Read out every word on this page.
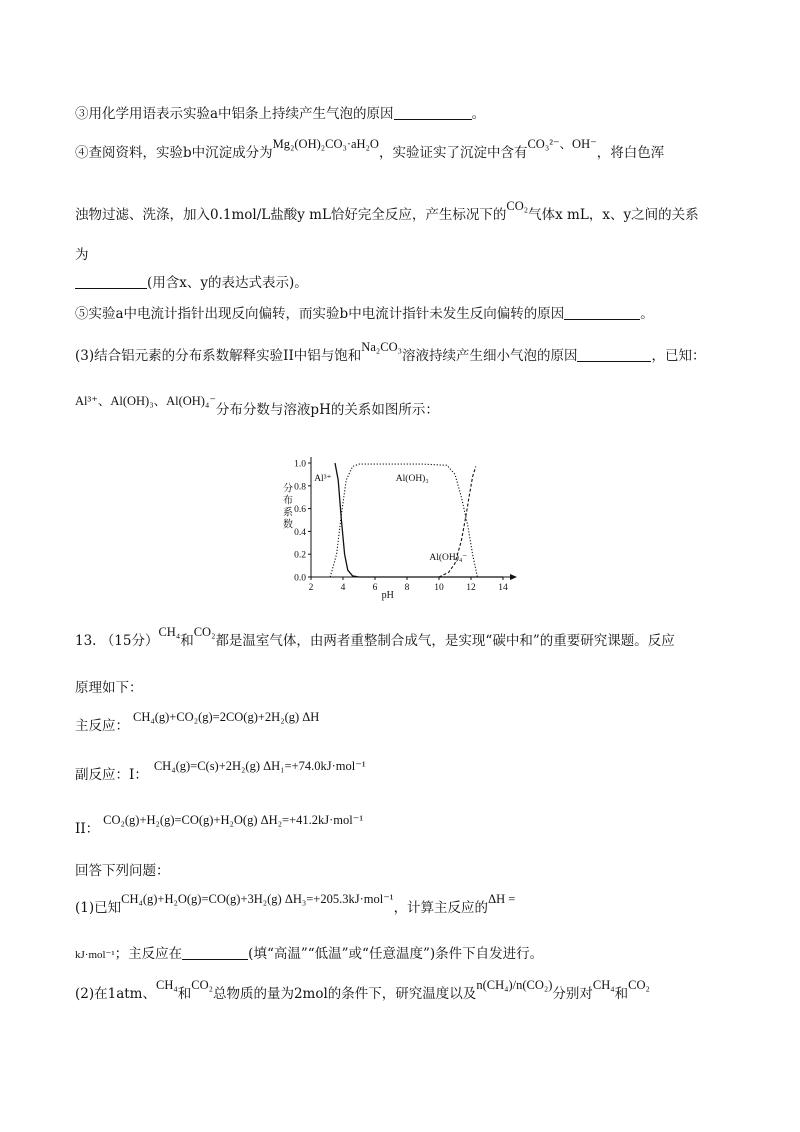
③用化学用语表示实验a中铝条上持续产生气泡的原因	。
④查阅资料，实验b中沉淀成分为Mg₂(OH)₂CO₃·aH₂O，实验证实了沉淀中含有CO₃²⁻、OH⁻，将白色浑
浊物过滤、洗涤，加入0.1mol/L盐酸y mL恰好完全反应，产生标况下的CO₂气体x mL，x、y之间的关系
为
(用含x、y的表达式表示)。
⑤实验a中电流计指针出现反向偏转，而实验b中电流计指针未发生反向偏转的原因	。
(3)结合铝元素的分布系数解释实验II中铝与饱和Na₂CO₃溶液持续产生细小气泡的原因	，已知：
Al³⁺、Al(OH)₃、Al(OH)₄⁻分布分数与溶液pH的关系如图所示：
2	4	6	8	10 12 14
0.0
0.2
0.4
0.6
0.8
1.0
pH
分
布
系
数
Al³⁺	Al(OH)₃
Al(OH)₄⁻
13. （15分）CH₄和CO₂都是温室气体，由两者重整制合成气，是实现“碳中和”的重要研究课题。反应
原理如下：
主反应：CH₄(g)+CO₂(g)=2CO(g)+2H₂(g) ΔH
副反应：I：CH₄(g)=C(s)+2H₂(g) ΔH₁=+74.0kJ·mol⁻¹
II：CO₂(g)+H₂(g)=CO(g)+H₂O(g) ΔH₂=+41.2kJ·mol⁻¹
回答下列问题：
(1)已知CH₄(g)+H₂O(g)=CO(g)+3H₂(g) ΔH₃=+205.3kJ·mol⁻¹，计算主反应的ΔH =
kJ·mol⁻¹；主反应在	(填“高温”“低温”或“任意温度”)条件下自发进行。
(2)在1atm、CH₄和CO₂总物质的量为2mol的条件下，研究温度以及n(CH₄)/n(CO₂)分别对CH₄和CO₂
